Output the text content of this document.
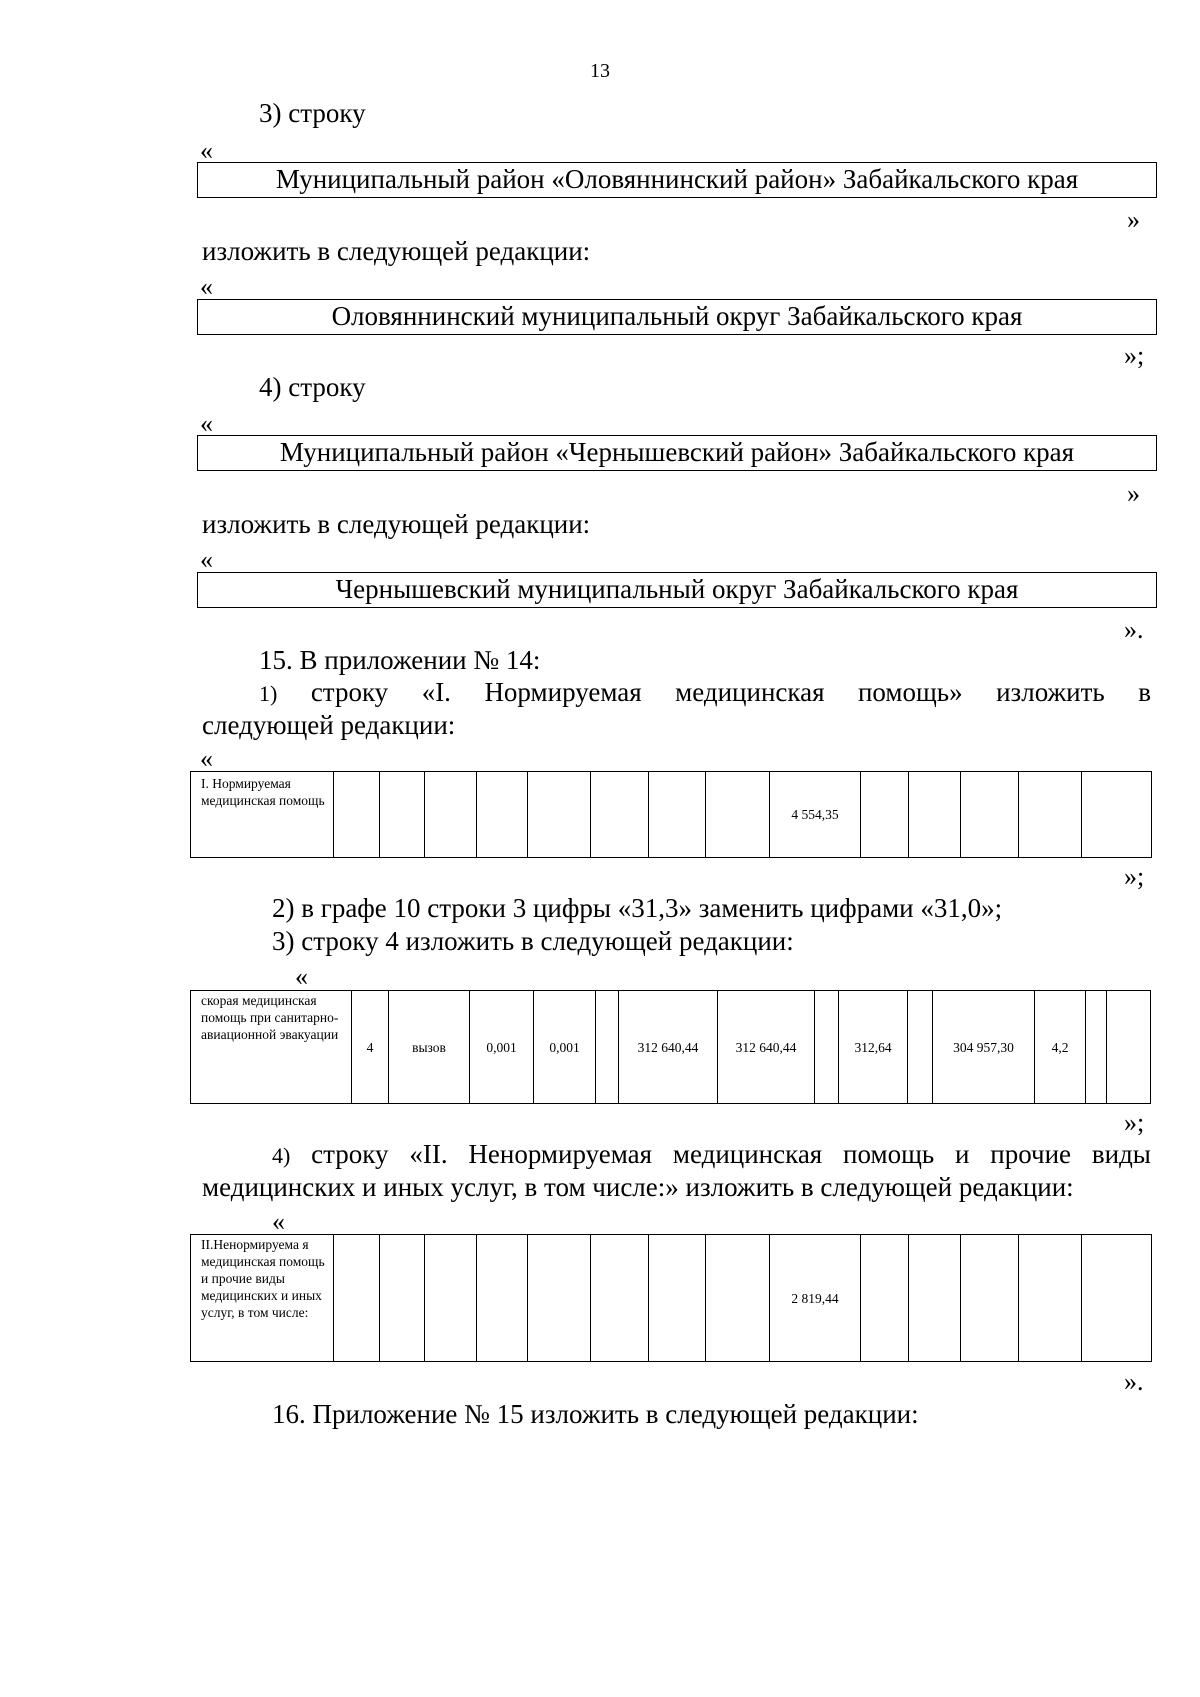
13
3) строку
«
Муниципальный район «Оловяннинский район» Забайкальского края
»
изложить в следующей редакции:
«
Оловяннинский муниципальный округ Забайкальского края
»;
4) строку
«
Муниципальный район «Чернышевский район» Забайкальского края
»
изложить в следующей редакции:
«
Чернышевский муниципальный округ Забайкальского края
».
15. В приложении № 14:
1) строку «I. Нормируемая медицинская помощь» изложить в
следующей редакции:
«
I. Нормируемая медицинская помощь									4 554,35					
»;
2) в графе 10 строки 3 цифры «31,3» заменить цифрами «31,0»;
3) строку 4 изложить в следующей редакции:
«
скорая медицинская помощь при санитарно-авиационной эвакуации	4	вызов	0,001	0,001		312 640,44	312 640,44		312,64		304 957,30	4,2		
»;
4) строку «II. Ненормируемая медицинская помощь и прочие виды
медицинских и иных услуг, в том числе:» изложить в следующей редакции:
«
II.Ненормируема я медицинская помощь и прочие виды медицинских и иных услуг, в том числе:									2 819,44					
».
16. Приложение № 15 изложить в следующей редакции:
